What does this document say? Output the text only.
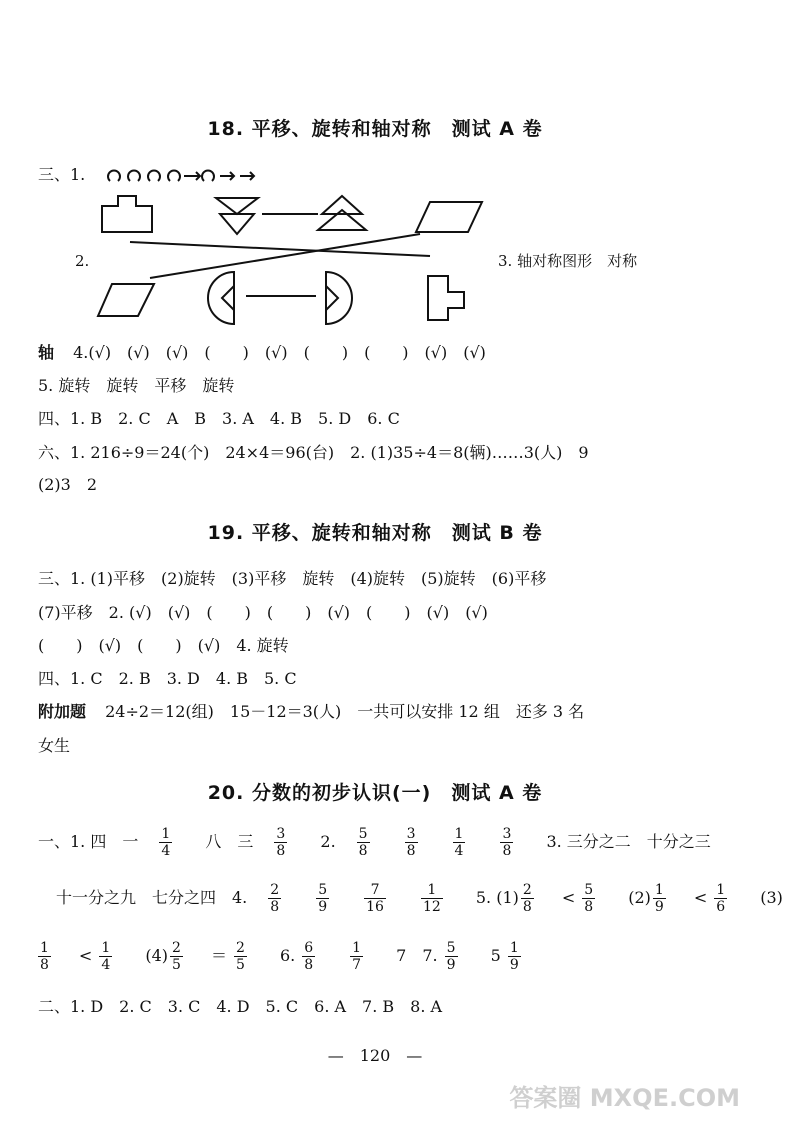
18. 平移、旋转和轴对称　测试 A 卷
三、1.
2.	3. 轴对称图形　对称
轴 4.(√)　(√)　(√)　(　　)　(√)　(　　)　(　　)　(√)　(√)
5. 旋转　旋转　平移　旋转
四、1. B　2. C　A　B　3. A　4. B　5. D　6. C
六、1. 216÷9＝24(个)　24×4＝96(台)　2. (1)35÷4＝8(辆)……3(人)　9
(2)3　2
19. 平移、旋转和轴对称　测试 B 卷
三、1. (1)平移　(2)旋转　(3)平移　旋转　(4)旋转　(5)旋转　(6)平移
(7)平移　2. (√)　(√)　(　　)　(　　)　(√)　(　　)　(√)　(√)
(　　)　(√)　(　　)　(√)　4. 旋转
四、1. C　2. B　3. D　4. B　5. C
附加题 24÷2＝12(组)　15－12＝3(人)　一共可以安排 12 组　还多 3 名
女生
20. 分数的初步认识(一)　测试 A 卷
一、1. 四　一 $\frac{1}{4}$ 八　三 $\frac{3}{8} 2$. $\frac{5}{8} \frac{3}{8} \frac{1}{4} \frac{3}{8} 3$. 三分之二　十分之三
十一分之九　七分之四　4. $\frac{2}{8} \frac{5}{9} \frac{7}{16} \frac{1}{12} 5$. $(1) \frac{2}{8} < \frac{5}{8} (2) \frac{1}{9} < \frac{1}{6} (3)$
$\frac{1}{8} < \frac{1}{4} (4) \frac{2}{5} = \frac{2}{5} 6$. $\frac{6}{8} \frac{1}{7} 7$　7. $\frac{5}{9} 5 \frac{1}{9}$
二、1. D　2. C　3. C　4. D　5. C　6. A　7. B　8. A
—　120　—
答案圈 MXQE.COM
